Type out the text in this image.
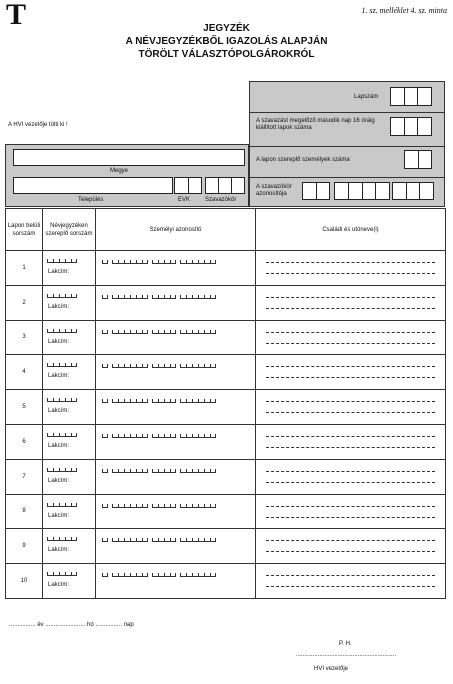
T	1. sz. melléklet 4. sz. minta
JEGYZÉK
A NÉVJEGYZÉKBŐL IGAZOLÁS ALAPJÁN
TÖRÖLT VÁLASZTÓPOLGÁROKRÓL
Lapszám
A szavazást megelőző második nap 16 óráig kiállított lapok száma
A lapon szereplő személyek száma
A szavazókör azonosítója
A HVI vezetője tölti ki !
Megye
Település	EVK Szavazókör
Lapon belüli sorszám	Névjegyzéken szereplő sorszám	Személyi azonosító	Családi és utóneve(i)
1	Lakcím:		

2	Lakcím:		

3	Lakcím:		

4	Lakcím:		

5	Lakcím:		

6	Lakcím:		

7	Lakcím:		

8	Lakcím:		

9	Lakcím:		

10	Lakcím:		

................ év ........................ hó ................ nap
P. H.
............................................................
HVI vezetője
